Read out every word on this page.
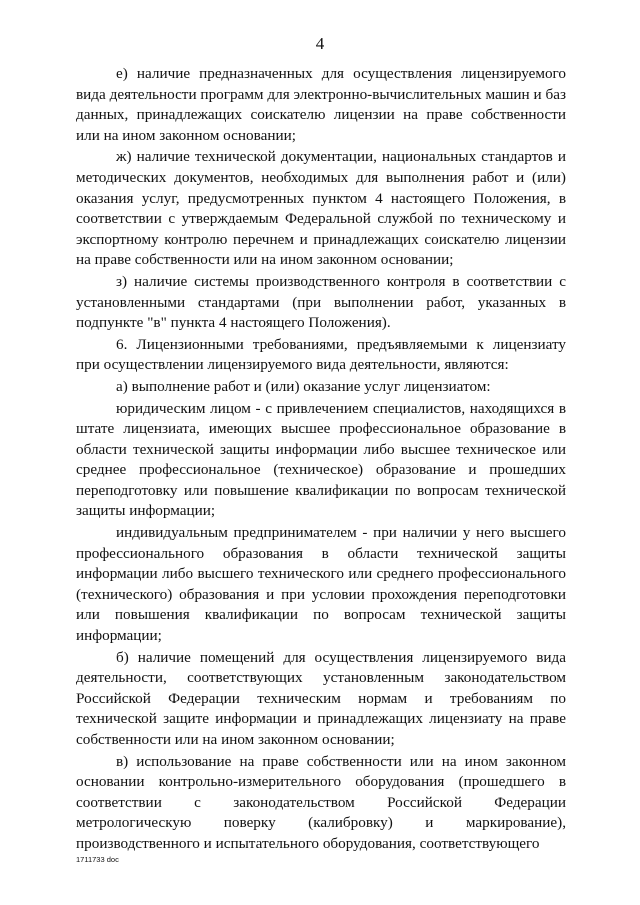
4

е) наличие предназначенных для осуществления лицензируемого вида деятельности программ для электронно-вычислительных машин и баз данных, принадлежащих соискателю лицензии на праве собственности или на ином законном основании;

ж) наличие технической документации, национальных стандартов и методических документов, необходимых для выполнения работ и (или) оказания услуг, предусмотренных пунктом 4 настоящего Положения, в соответствии с утверждаемым Федеральной службой по техническому и экспортному контролю перечнем и принадлежащих соискателю лицензии на праве собственности или на ином законном основании;

з) наличие системы производственного контроля в соответствии с установленными стандартами (при выполнении работ, указанных в подпункте "в" пункта 4 настоящего Положения).

6. Лицензионными требованиями, предъявляемыми к лицензиату при осуществлении лицензируемого вида деятельности, являются:

а) выполнение работ и (или) оказание услуг лицензиатом:

юридическим лицом - с привлечением специалистов, находящихся в штате лицензиата, имеющих высшее профессиональное образование в области технической защиты информации либо высшее техническое или среднее профессиональное (техническое) образование и прошедших переподготовку или повышение квалификации по вопросам технической защиты информации;

индивидуальным предпринимателем - при наличии у него высшего профессионального образования в области технической защиты информации либо высшего технического или среднего профессионального (технического) образования и при условии прохождения переподготовки или повышения квалификации по вопросам технической защиты информации;

б) наличие помещений для осуществления лицензируемого вида деятельности, соответствующих установленным законодательством Российской Федерации техническим нормам и требованиям по технической защите информации и принадлежащих лицензиату на праве собственности или на ином законном основании;

в) использование на праве собственности или на ином законном основании контрольно-измерительного оборудования (прошедшего в соответствии с законодательством Российской Федерации метрологическую поверку (калибровку) и маркирование), производственного и испытательного оборудования, соответствующего

1711733 doc
